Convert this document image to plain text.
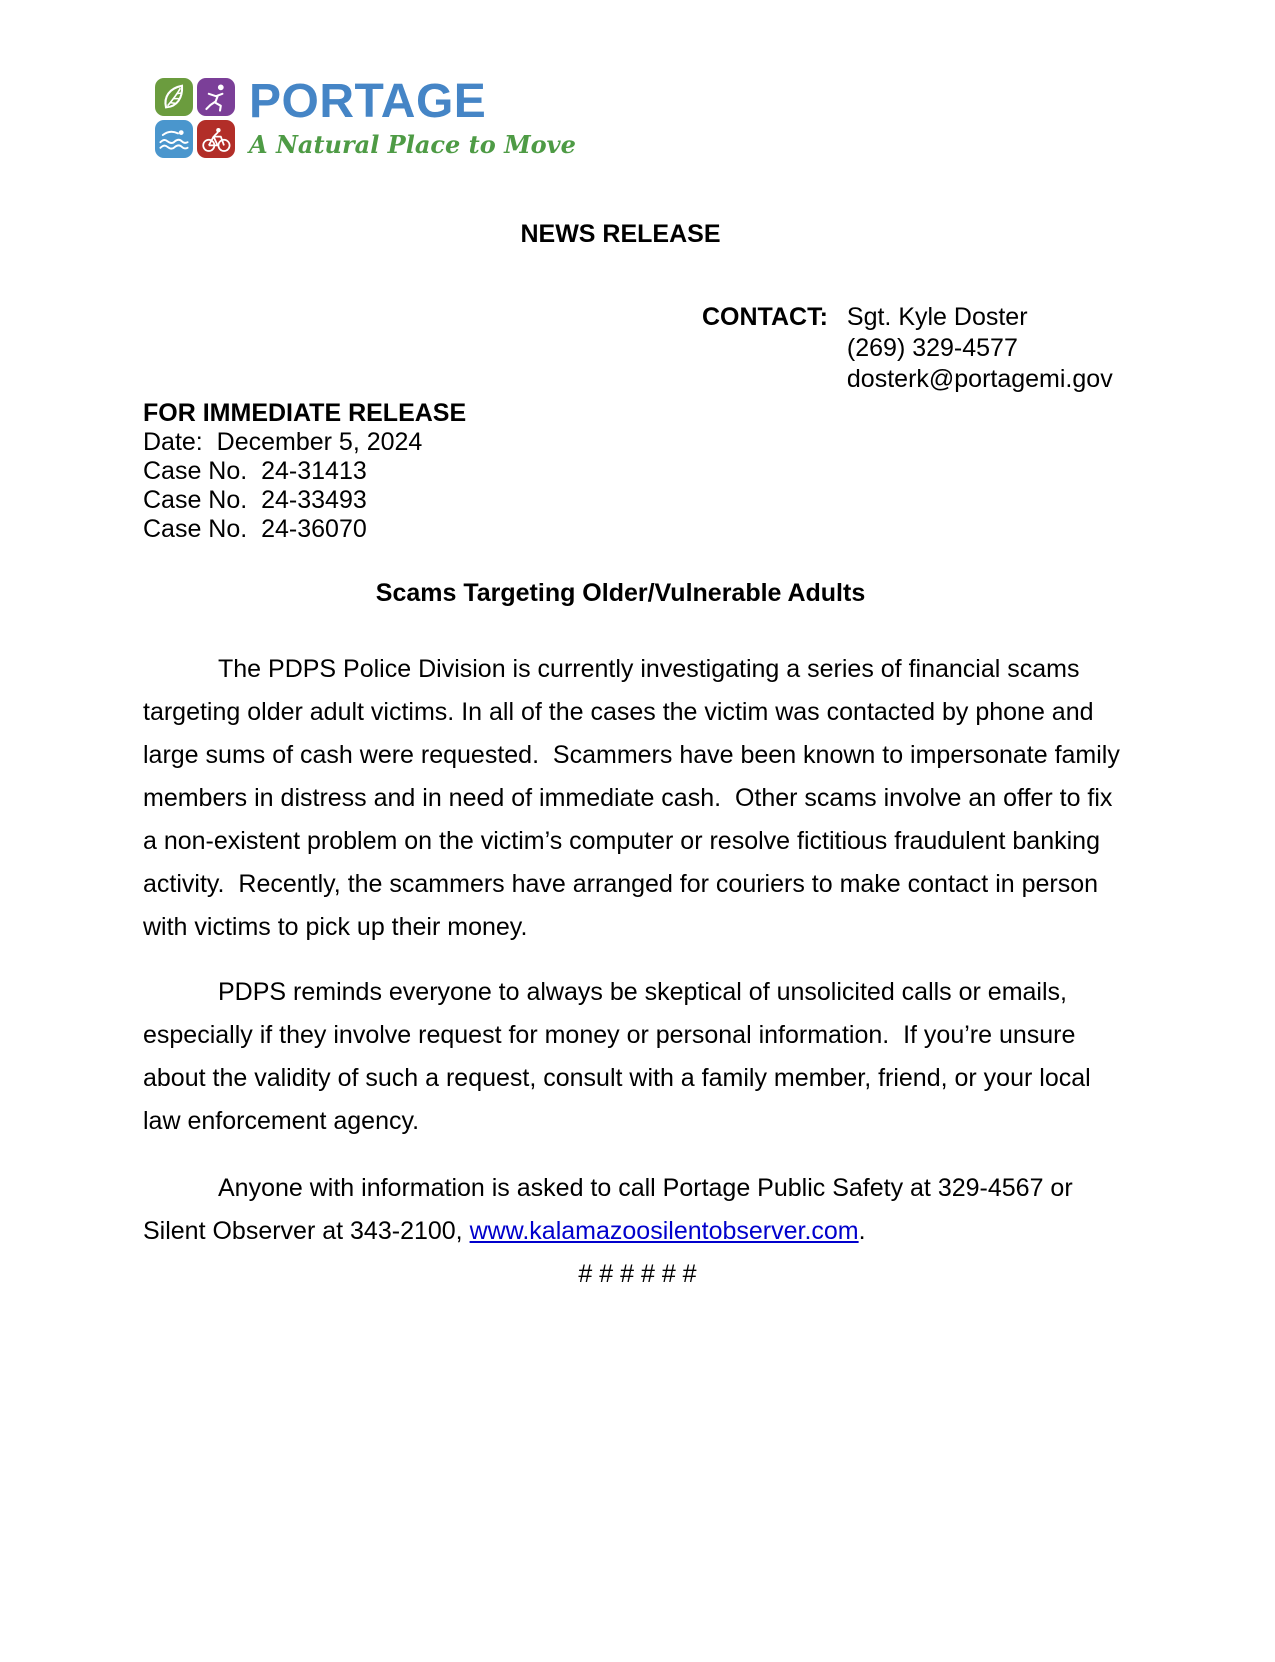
PORTAGE
A Natural Place to Move
NEWS RELEASE
CONTACT: Sgt. Kyle Doster
(269) 329-4577
dosterk@portagemi.gov
FOR IMMEDIATE RELEASE
Date:  December 5, 2024
Case No.  24-31413
Case No.  24-33493
Case No.  24-36070
Scams Targeting Older/Vulnerable Adults

The PDPS Police Division is currently investigating a series of financial scams targeting older adult victims. In all of the cases the victim was contacted by phone and large sums of cash were requested.  Scammers have been known to impersonate family members in distress and in need of immediate cash.  Other scams involve an offer to fix a non-existent problem on the victim’s computer or resolve fictitious fraudulent banking activity.  Recently, the scammers have arranged for couriers to make contact in person with victims to pick up their money.

PDPS reminds everyone to always be skeptical of unsolicited calls or emails, especially if they involve request for money or personal information.  If you’re unsure about the validity of such a request, consult with a family member, friend, or your local law enforcement agency.

Anyone with information is asked to call Portage Public Safety at 329-4567 or Silent Observer at 343-2100, www.kalamazoosilentobserver.com.

# # # # # #
